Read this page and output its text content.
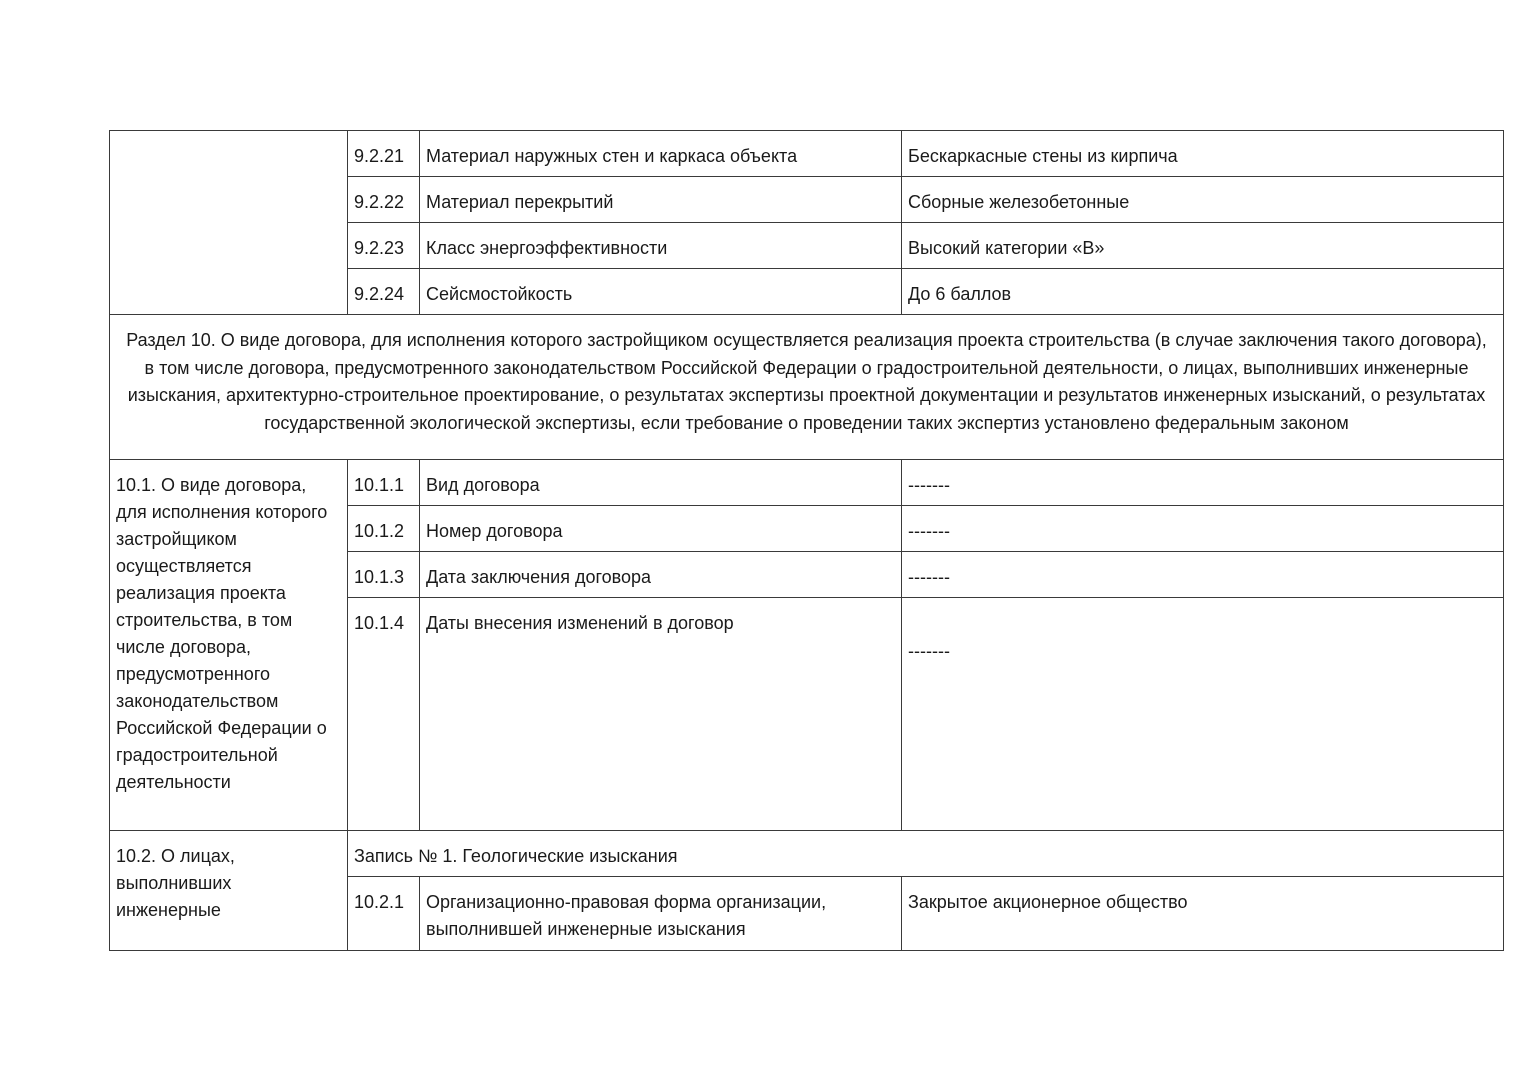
	9.2.21	Материал наружных стен и каркаса объекта	Бескаркасные стены из кирпича
	9.2.22	Материал перекрытий	Сборные железобетонные
	9.2.23	Класс энергоэффективности	Высокий категории «В»
	9.2.24	Сейсмостойкость	До 6 баллов
Раздел 10. О виде договора, для исполнения которого застройщиком осуществляется реализация проекта строительства (в случае заключения такого договора), в том числе договора, предусмотренного законодательством Российской Федерации о градостроительной деятельности, о лицах, выполнивших инженерные изыскания, архитектурно-строительное проектирование, о результатах экспертизы проектной документации и результатов инженерных изысканий, о результатах государственной экологической экспертизы, если требование о проведении таких экспертиз установлено федеральным законом			
10.1. О виде договора, для исполнения которого застройщиком осуществляется реализация проекта строительства, в том числе договора, предусмотренного законодательством Российской Федерации о градостроительной деятельности	10.1.1	Вид договора	-------
	10.1.2	Номер договора	-------
	10.1.3	Дата заключения договора	-------
	10.1.4	Даты внесения изменений в договор	-------
10.2. О лицах, выполнивших инженерные	Запись № 1. Геологические изыскания		
	10.2.1	Организационно-правовая форма организации, выполнившей инженерные изыскания	Закрытое акционерное общество
